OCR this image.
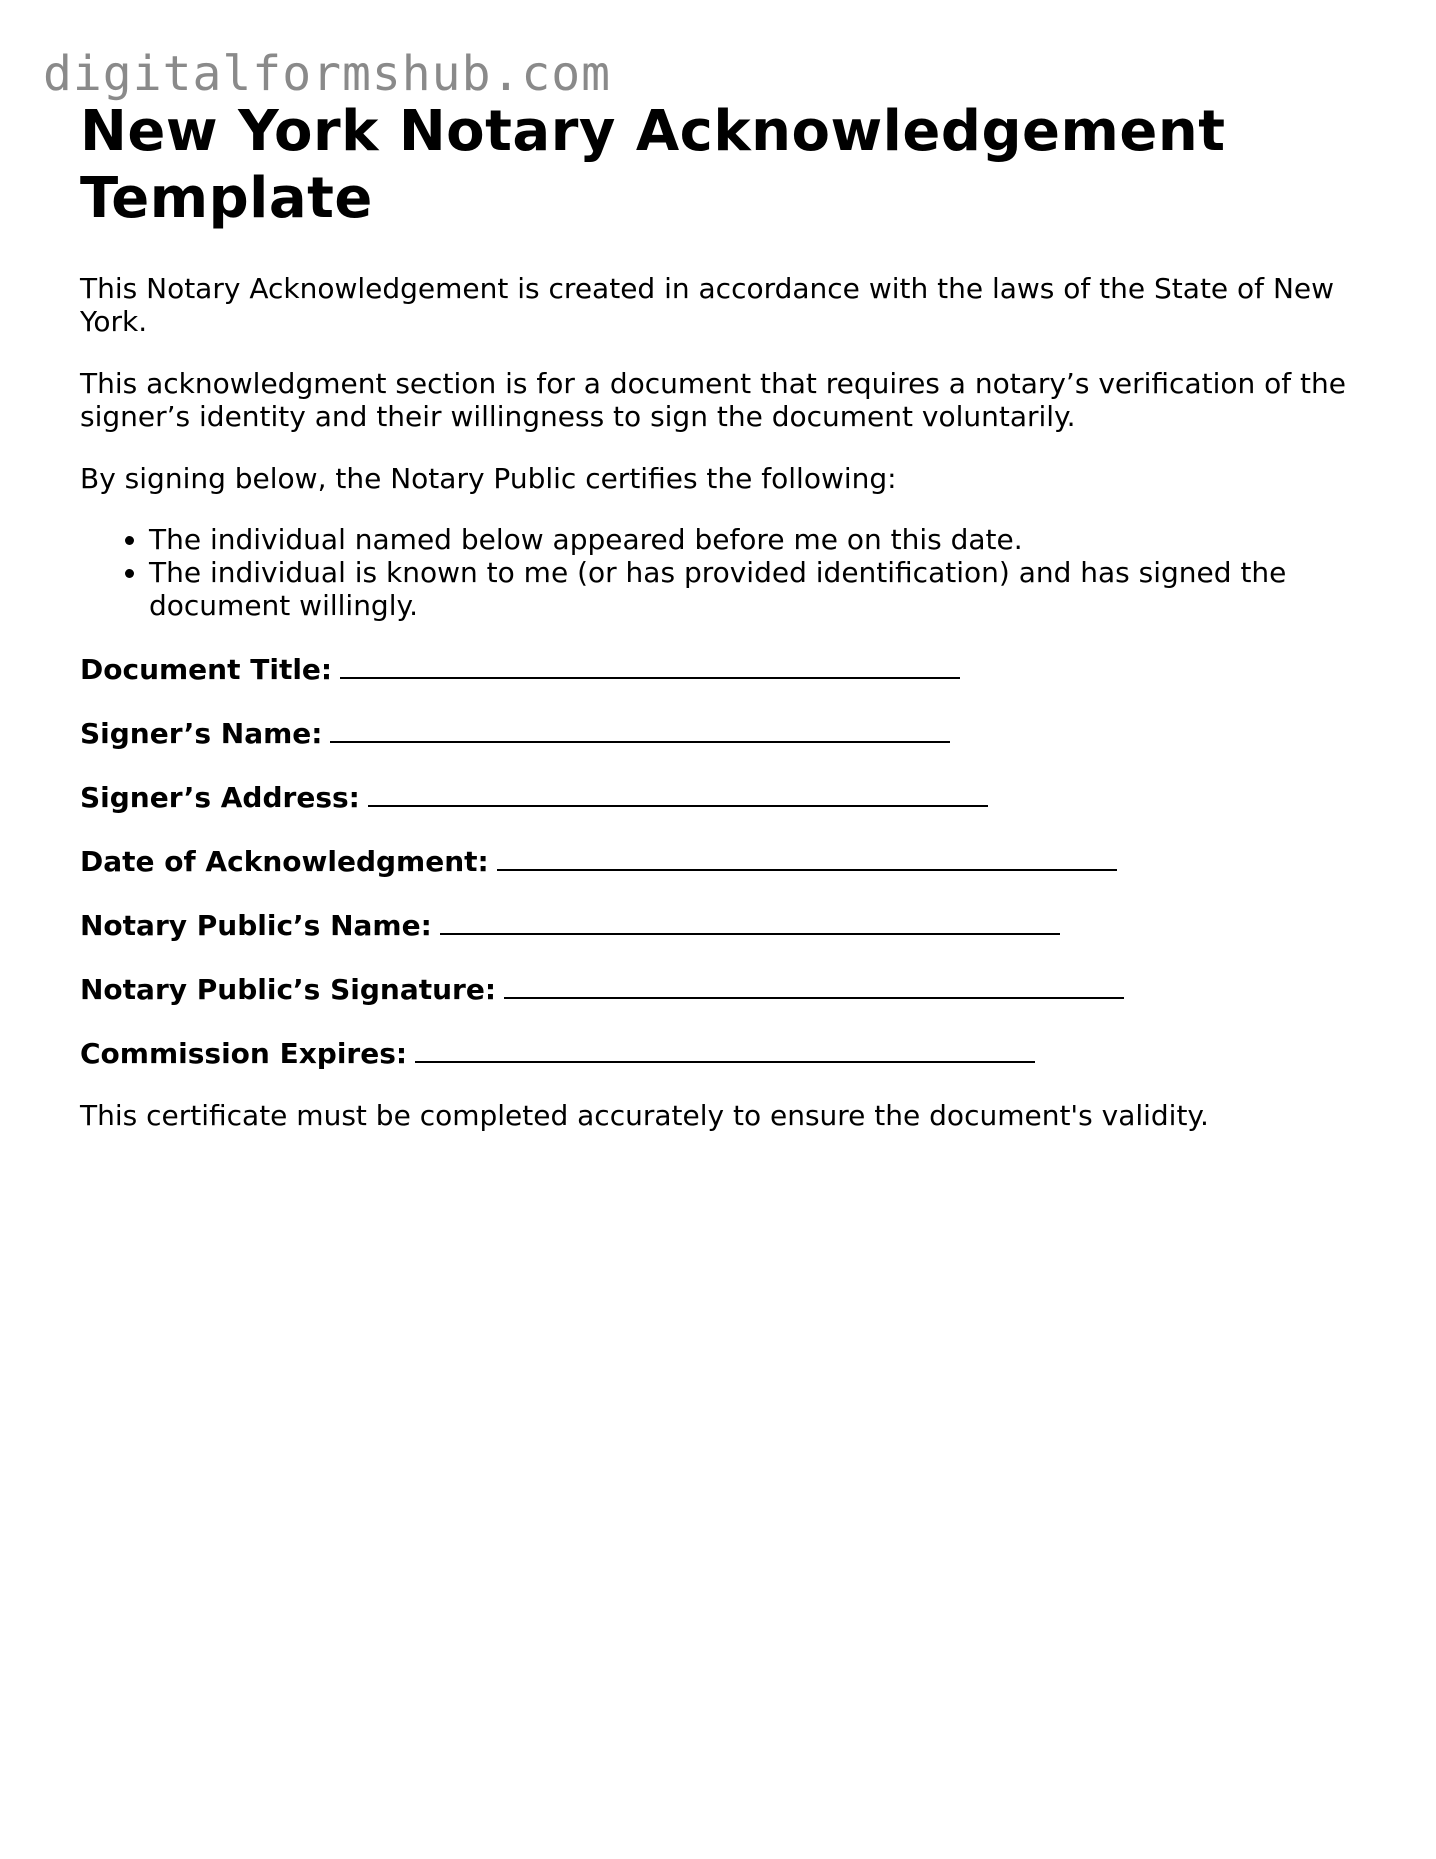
digitalformshub.com
New York Notary Acknowledgement Template

This Notary Acknowledgement is created in accordance with the laws of the State of New York.

This acknowledgment section is for a document that requires a notary’s verification of the signer’s identity and their willingness to sign the document voluntarily.

By signing below, the Notary Public certifies the following:

• The individual named below appeared before me on this date.
• The individual is known to me (or has provided identification) and has signed the document willingly.
Document Title:
Signer’s Name:
Signer’s Address:
Date of Acknowledgment:
Notary Public’s Name:
Notary Public’s Signature:
Commission Expires:

This certificate must be completed accurately to ensure the document's validity.
